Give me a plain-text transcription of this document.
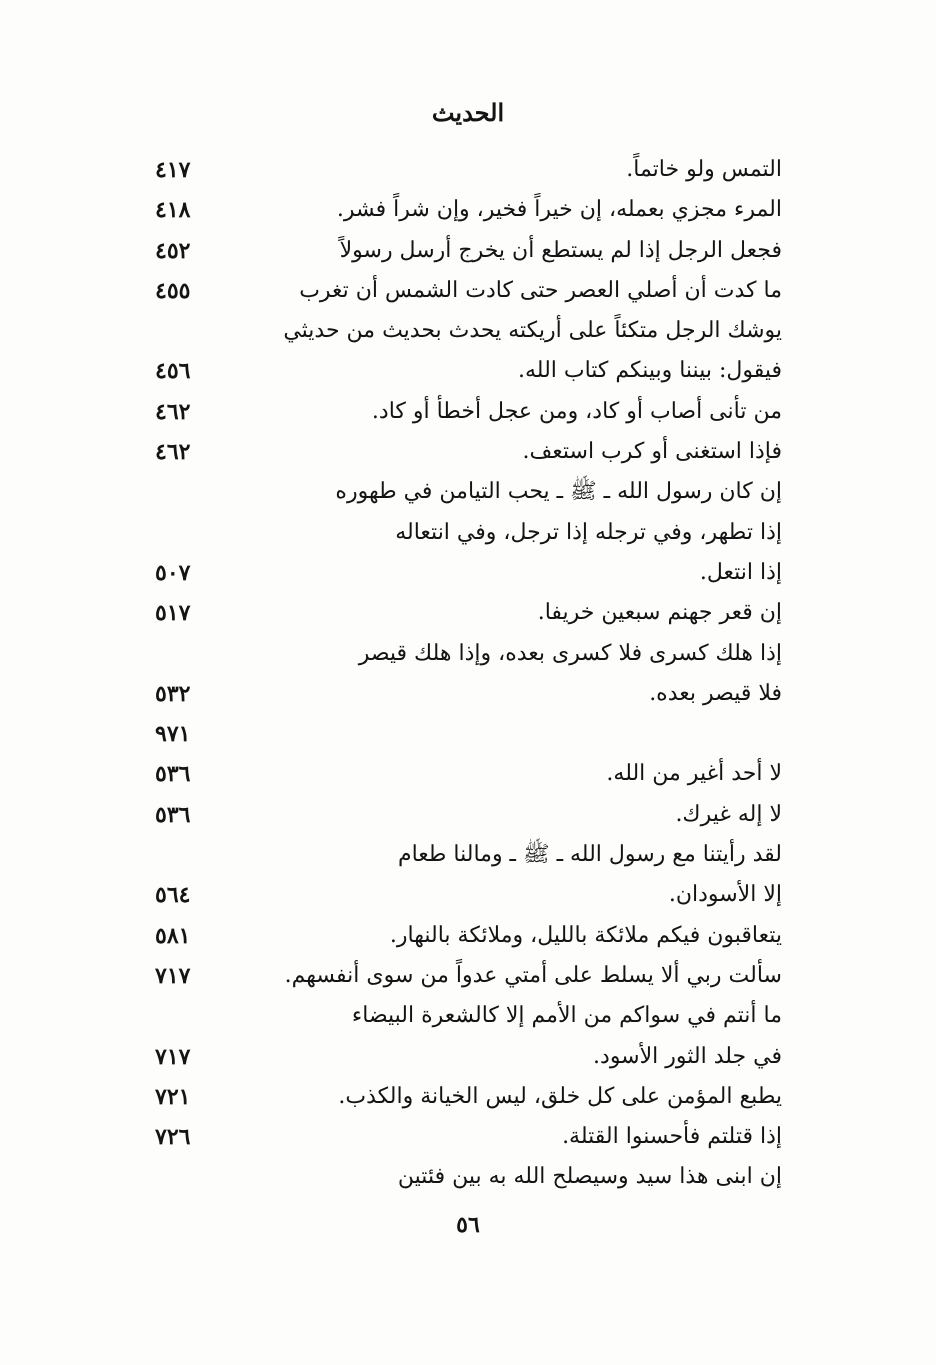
الحديث
التمس ولو خاتماً.
٤١٧
المرء مجزي بعمله، إن خيراً فخير، وإن شراً فشر.
٤١٨
فجعل الرجل إذا لم يستطع أن يخرج أرسل رسولاً
٤٥٢
ما كدت أن أصلي العصر حتى كادت الشمس أن تغرب
٤٥٥
يوشك الرجل متكئاً على أريكته يحدث بحديث من حديثي
فيقول: بيننا وبينكم كتاب الله.
٤٥٦
من تأنى أصاب أو كاد، ومن عجل أخطأ أو كاد.
٤٦٢
فإذا استغنى أو كرب استعف.
٤٦٢
إن كان رسول الله ـ ﷺ ـ يحب التيامن في طهوره
إذا تطهر، وفي ترجله إذا ترجل، وفي انتعاله
إذا انتعل.
٥٠٧
إن قعر جهنم سبعين خريفا.
٥١٧
إذا هلك كسرى فلا كسرى بعده، وإذا هلك قيصر
فلا قيصر بعده.
٥٣٢
٩٧١
لا أحد أغير من الله.
٥٣٦
لا إله غيرك.
٥٣٦
لقد رأيتنا مع رسول الله ـ ﷺ ـ ومالنا طعام
إلا الأسودان.
٥٦٤
يتعاقبون فيكم ملائكة بالليل، وملائكة بالنهار.
٥٨١
سألت ربي ألا يسلط على أمتي عدواً من سوى أنفسهم.
٧١٧
ما أنتم في سواكم من الأمم إلا كالشعرة البيضاء
في جلد الثور الأسود.
٧١٧
يطبع المؤمن على كل خلق، ليس الخيانة والكذب.
٧٢١
إذا قتلتم فأحسنوا القتلة.
٧٢٦
إن ابنى هذا سيد وسيصلح الله به بين فئتين
٥٦
